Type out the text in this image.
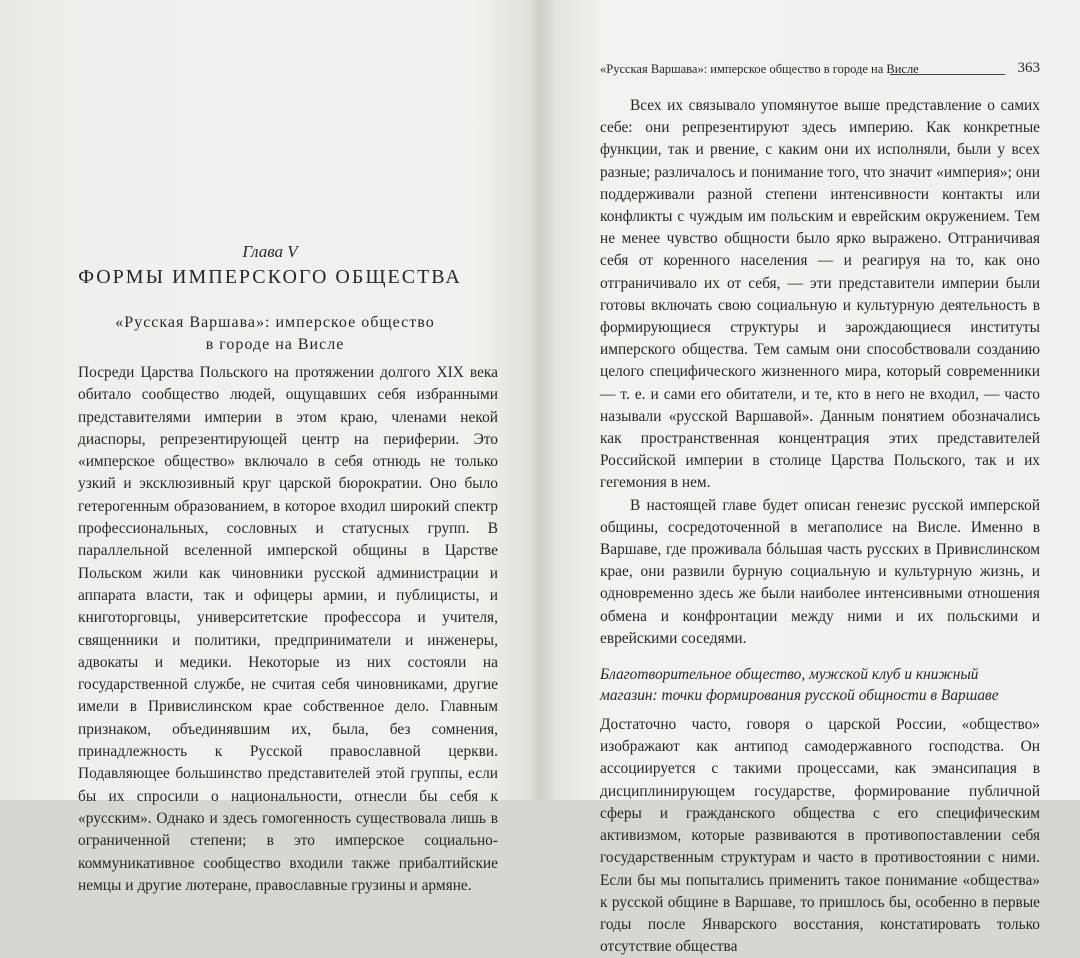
Глава V
ФОРМЫ ИМПЕРСКОГО ОБЩЕСТВА
«Русская Варшава»: имперское общество
в городе на Висле

Посреди Царства Польского на протяжении долгого XIX века обитало сообщество людей, ощущавших себя избранными представителями империи в этом краю, членами некой диаспоры, репрезентирующей центр на периферии. Это «имперское общество» включало в себя отнюдь не только узкий и эксклюзивный круг царской бюрократии. Оно было гетерогенным образованием, в которое входил широкий спектр профессиональных, сословных и статусных групп. В параллельной вселенной имперской общины в Царстве Польском жили как чиновники русской администрации и аппарата власти, так и офицеры армии, и публицисты, и книготорговцы, университетские профессора и учителя, священники и политики, предприниматели и инженеры, адвокаты и медики. Некоторые из них состояли на государственной службе, не считая себя чиновниками, другие имели в Привислинском крае собственное дело. Главным признаком, объединявшим их, была, без сомнения, принадлежность к Русской православной церкви. Подавляющее большинство представителей этой группы, если бы их спросили о национальности, отнесли бы себя к «русским». Однако и здесь гомогенность существовала лишь в ограниченной степени; в это имперское социально-коммуникативное сообщество входили также прибалтийские немцы и другие лютеране, православные грузины и армяне.

«Русская Варшава»: имперское общество в городе на Висле	363

Всех их связывало упомянутое выше представление о самих себе: они репрезентируют здесь империю. Как конкретные функции, так и рвение, с каким они их исполняли, были у всех разные; различалось и понимание того, что значит «империя»; они поддерживали разной степени интенсивности контакты или конфликты с чуждым им польским и еврейским окружением. Тем не менее чувство общности было ярко выражено. Отграничивая себя от коренного населения — и реагируя на то, как оно отграничивало их от себя, — эти представители империи были готовы включать свою социальную и культурную деятельность в формирующиеся структуры и зарождающиеся институты имперского общества. Тем самым они способствовали созданию целого специфического жизненного мира, который современники — т. е. и сами его обитатели, и те, кто в него не входил, — часто называли «русской Варшавой». Данным понятием обозначались как пространственная концентрация этих представителей Российской империи в столице Царства Польского, так и их гегемония в нем.

В настоящей главе будет описан генезис русской имперской общины, сосредоточенной в мегаполисе на Висле. Именно в Варшаве, где проживала бóльшая часть русских в Привислинском крае, они развили бурную социальную и культурную жизнь, и одновременно здесь же были наиболее интенсивными отношения обмена и конфронтации между ними и их польскими и еврейскими соседями.

Благотворительное общество, мужской клуб и книжный
магазин: точки формирования русской общности в Варшаве

Достаточно часто, говоря о царской России, «общество» изображают как антипод самодержавного господства. Он ассоциируется с такими процессами, как эмансипация в дисциплинирующем государстве, формирование публичной сферы и гражданского общества с его специфическим активизмом, которые развиваются в противопоставлении себя государственным структурам и часто в противостоянии с ними. Если бы мы попытались применить такое понимание «общества» к русской общине в Варшаве, то пришлось бы, особенно в первые годы после Январского восстания, констатировать только отсутствие общества
